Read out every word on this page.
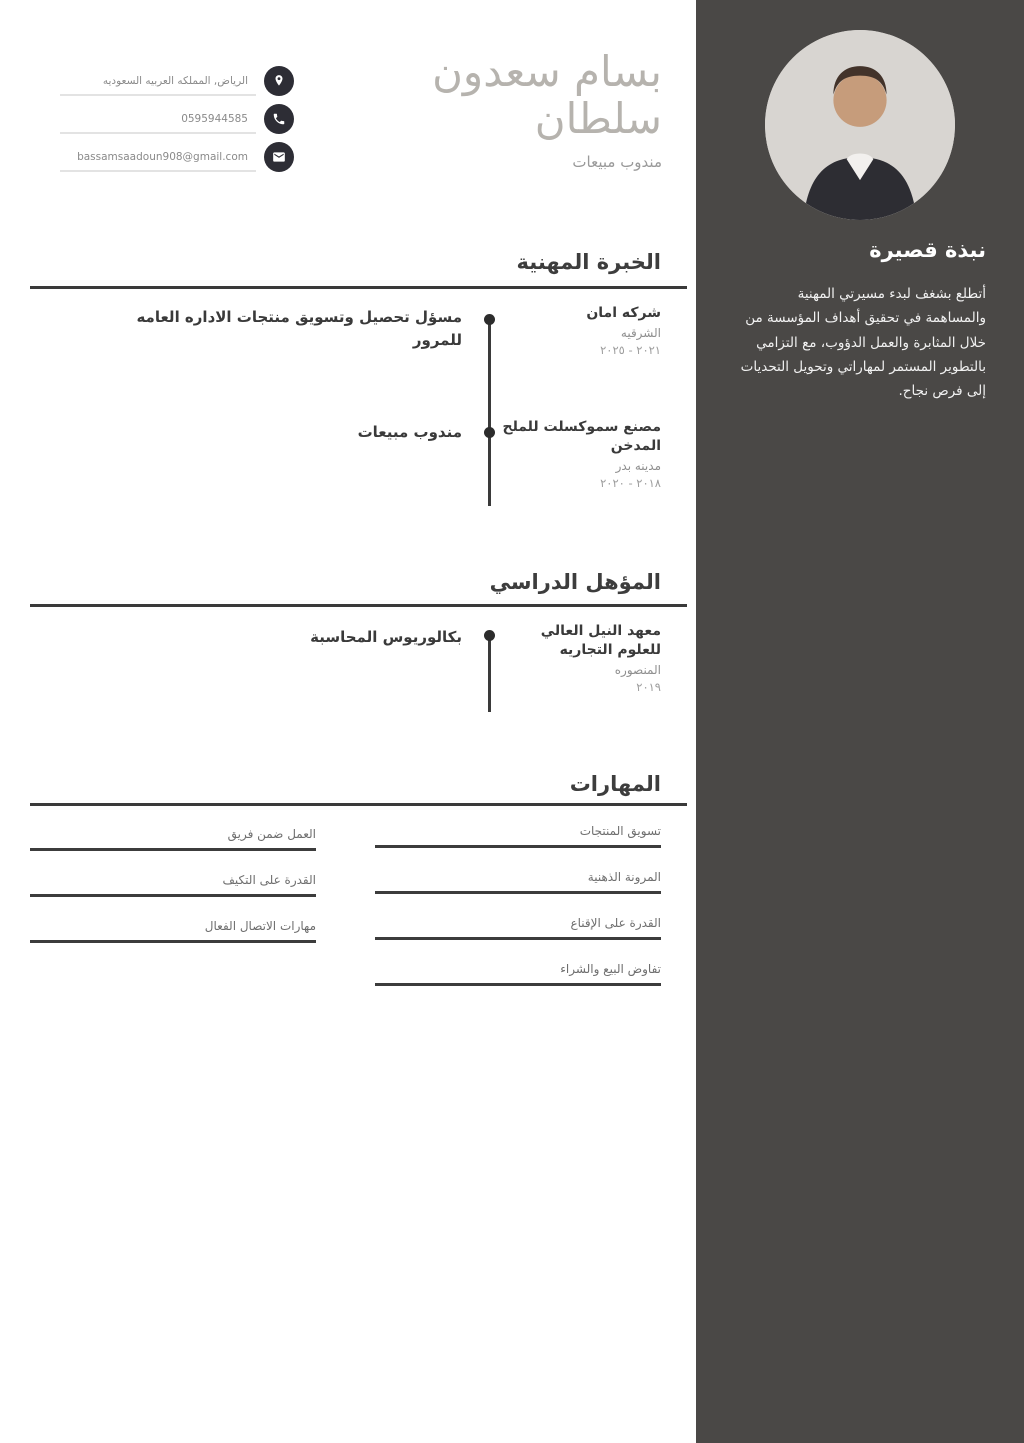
بسام سعدون سلطان
مندوب مبيعات
الرياض, المملكه العربيه السعوديه
0595944585
bassamsaadoun908@gmail.com
نبذة قصيرة

أتطلع بشغف لبدء مسيرتي المهنية والمساهمة في تحقيق أهداف المؤسسة من خلال المثابرة والعمل الدؤوب، مع التزامي بالتطوير المستمر لمهاراتي وتحويل التحديات إلى فرص نجاح.

الخبرة المهنية
شركه امان
الشرقيه
٢٠٢١ - ٢٠٢٥
مسؤل تحصيل وتسويق منتجات الاداره العامه للمرور
مصنع سموكسلت للملح المدخن
مدينه بدر
٢٠١٨ - ٢٠٢٠
مندوب مبيعات
المؤهل الدراسي
معهد النيل العالي للعلوم التجاريه
المنصوره
٢٠١٩
بكالوريوس المحاسبة
المهارات
تسويق المنتجات
المرونة الذهنية
القدرة على الإقناع
تفاوض البيع والشراء
العمل ضمن فريق
القدرة على التكيف
مهارات الاتصال الفعال
